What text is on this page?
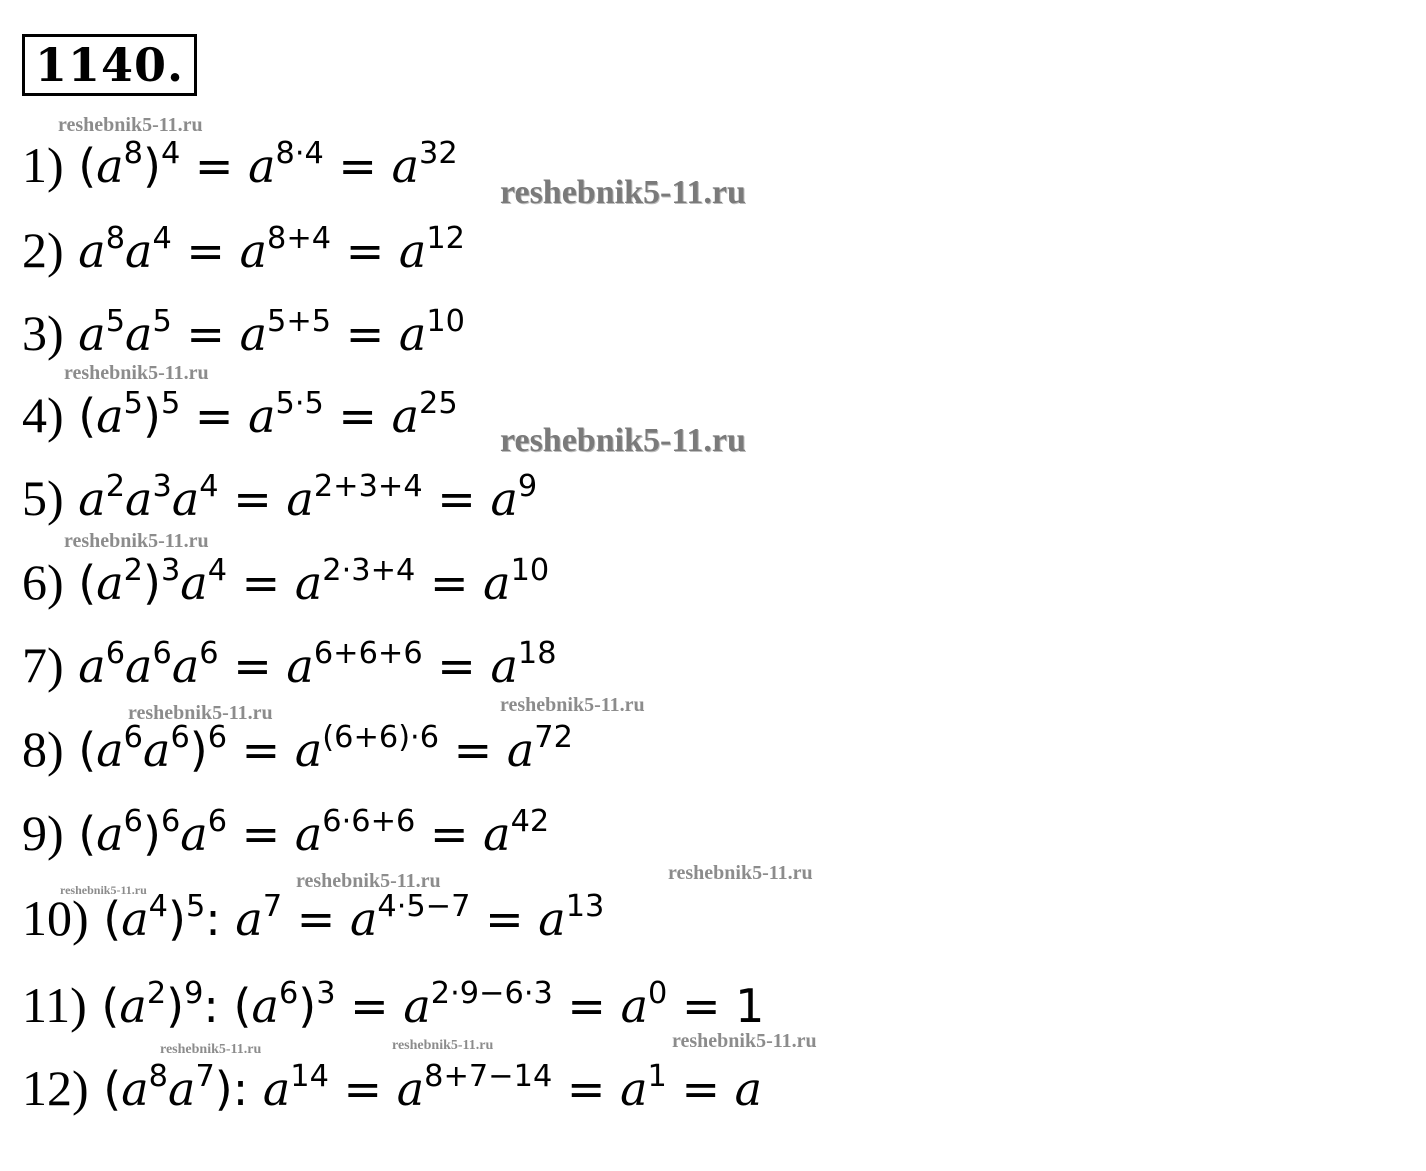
1140.
1) $(a^8)^4 = a^{8\cdot 4} = a^{32}$
2) $a^8a^4 = a^{8+4} = a^{12}$
3) $a^5a^5 = a^{5+5} = a^{10}$
4) $(a^5)^5 = a^{5\cdot 5} = a^{25}$
5) $a^2a^3a^4 = a^{2+3+4} = a^9$
6) $(a^2)^3a^4 = a^{2\cdot 3+4} = a^{10}$
7) $a^6a^6a^6 = a^{6+6+6} = a^{18}$
8) $(a^6a^6)^6 = a^{(6+6)\cdot 6} = a^{72}$
9) $(a^6)^6a^6 = a^{6\cdot 6+6} = a^{42}$
10) $(a^4)^5$: $a^7 = a^{4\cdot 5-7} = a^{13}$
11) $(a^2)^9$: $(a^6)^3 = a^{2\cdot 9-6\cdot 3} = a^0 = 1$
12) $(a^8a^7)$: $a^{14} = a^{8+7-14} = a^1 = a$
reshebnik5-11.ru
reshebnik5-11.ru
reshebnik5-11.ru
reshebnik5-11.ru
reshebnik5-11.ru
reshebnik5-11.ru	reshebnik5-11.ru
reshebnik5-11.ru	reshebnik5-11.ru	reshebnik5-11.ru
reshebnik5-11.ru	reshebnik5-11.ru	reshebnik5-11.ru
